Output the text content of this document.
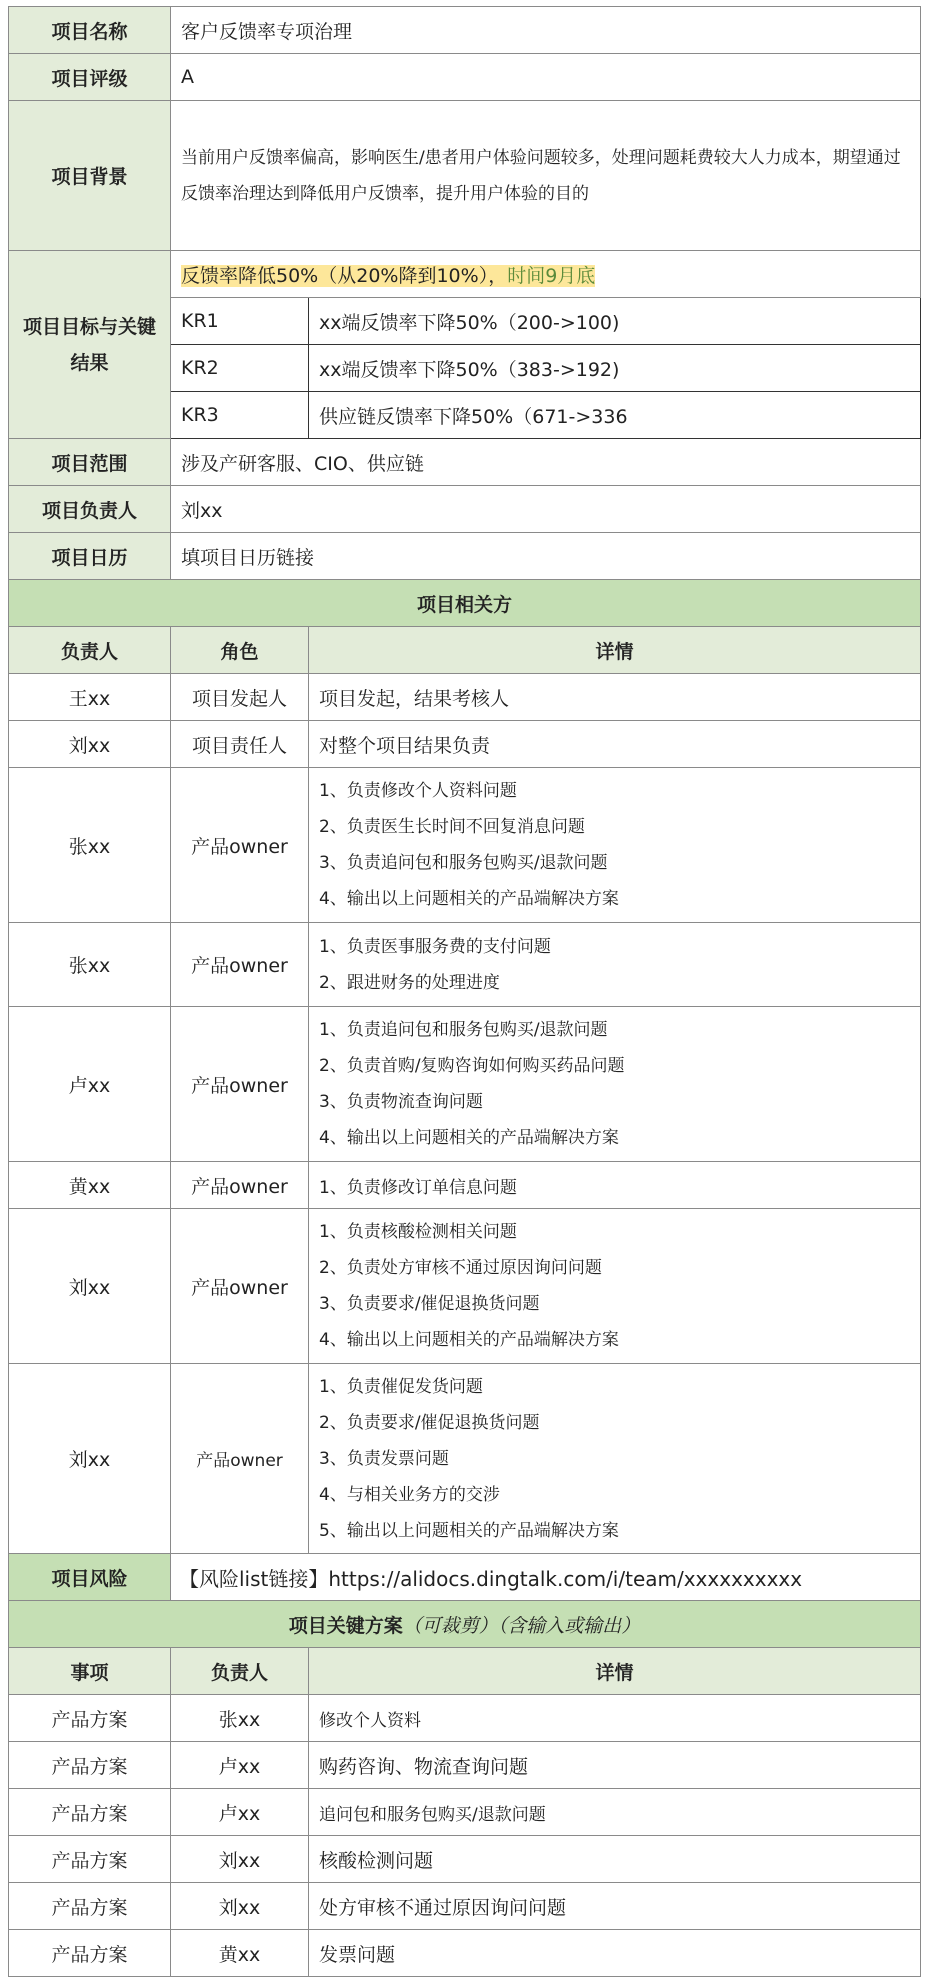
项目名称	客户反馈率专项治理	
项目评级	A	
项目背景	当前用户反馈率偏高，影响医生/患者用户体验问题较多，处理问题耗费较大人力成本，期望通过反馈率治理达到降低用户反馈率，提升用户体验的目的	
项目目标与关键结果	反馈率降低50%（从20%降到10%），时间9月底	
	KR1	xx端反馈率下降50%（200->100)
	KR2	xx端反馈率下降50%（383->192)
	KR3	供应链反馈率下降50%（671->336
项目范围	涉及产研客服、CIO、供应链	
项目负责人	刘xx	
项目日历	填项目日历链接	
项目相关方		
负责人	角色	详情
王xx	项目发起人	项目发起，结果考核人

刘xx	项目责任人	对整个项目结果负责

张xx	产品owner	1、负责修改个人资料问题
2、负责医生长时间不回复消息问题
3、负责追问包和服务包购买/退款问题
4、输出以上问题相关的产品端解决方案

张xx	产品owner	1、负责医事服务费的支付问题
2、跟进财务的处理进度

卢xx	产品owner	1、负责追问包和服务包购买/退款问题
2、负责首购/复购咨询如何购买药品问题
3、负责物流查询问题
4、输出以上问题相关的产品端解决方案

黄xx	产品owner	1、负责修改订单信息问题

刘xx	产品owner	1、负责核酸检测相关问题
2、负责处方审核不通过原因询问问题
3、负责要求/催促退换货问题
4、输出以上问题相关的产品端解决方案

刘xx	产品owner	1、负责催促发货问题
2、负责要求/催促退换货问题
3、负责发票问题
4、与相关业务方的交涉
5、输出以上问题相关的产品端解决方案

项目风险	【风险list链接】https://alidocs.dingtalk.com/i/team/xxxxxxxxxx	
项目关键方案（可裁剪）（含输入或输出）		
事项	负责人	详情
产品方案	张xx	修改个人资料
产品方案	卢xx	购药咨询、物流查询问题
产品方案	卢xx	追问包和服务包购买/退款问题
产品方案	刘xx	核酸检测问题
产品方案	刘xx	处方审核不通过原因询问问题
产品方案	黄xx	发票问题
